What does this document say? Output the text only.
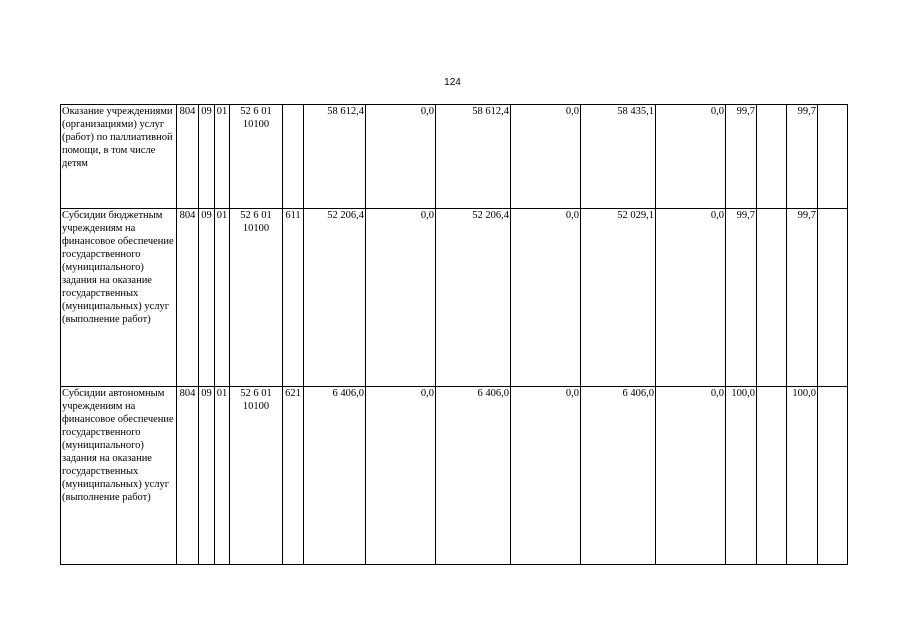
124
Оказание учреждениями (организациями) услуг (работ) по паллиативной помощи, в том числе детям	804	09	01	52 6 01 10100		58 612,4	0,0	58 612,4	0,0	58 435,1	0,0	99,7		99,7	
Субсидии бюджетным учреждениям на финансовое обеспечение государственного (муниципального) задания на оказание государственных (муниципальных) услуг (выполнение работ)	804	09	01	52 6 01 10100	611	52 206,4	0,0	52 206,4	0,0	52 029,1	0,0	99,7		99,7	
Субсидии автономным учреждениям на финансовое обеспечение государственного (муниципального) задания на оказание государственных (муниципальных) услуг (выполнение работ)	804	09	01	52 6 01 10100	621	6 406,0	0,0	6 406,0	0,0	6 406,0	0,0	100,0		100,0	
